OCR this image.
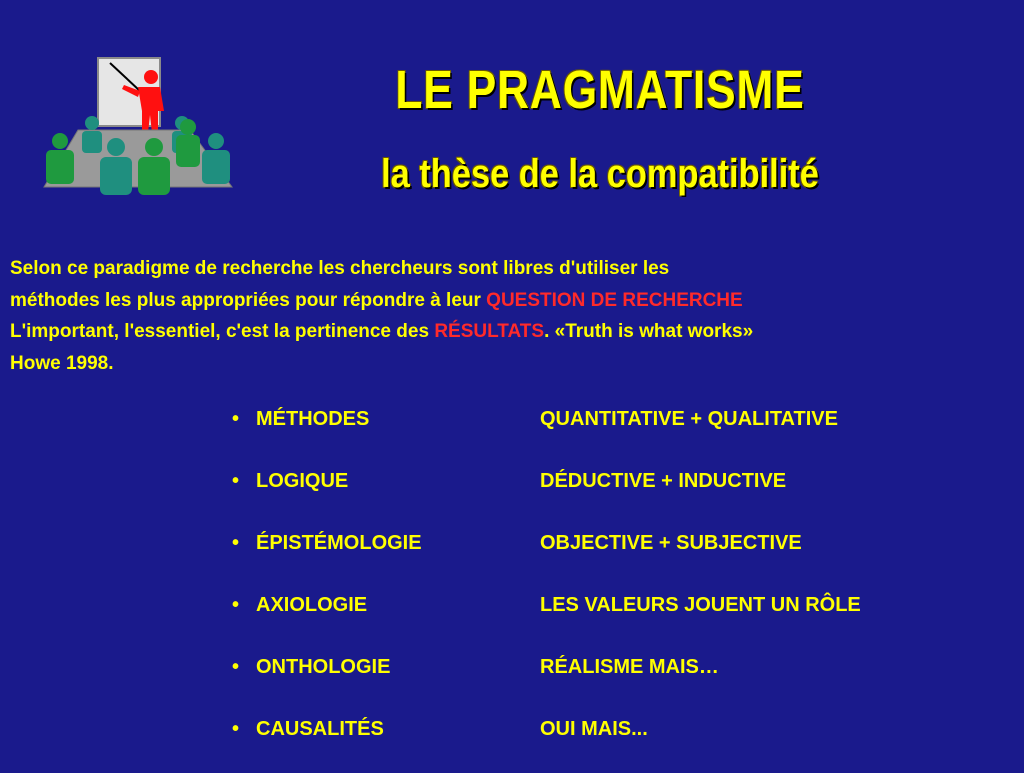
LE PRAGMATISME
la thèse de la compatibilité
Selon ce paradigme de recherche les chercheurs sont libres d'utiliser les
méthodes les plus appropriées pour répondre à leur QUESTION DE RECHERCHE
L'important, l'essentiel, c'est la pertinence des RÉSULTATS. «Truth is what works»
Howe 1998.
• MÉTHODES	QUANTITATIVE + QUALITATIVE
• LOGIQUE	DÉDUCTIVE + INDUCTIVE
• ÉPISTÉMOLOGIE	OBJECTIVE + SUBJECTIVE
• AXIOLOGIE	LES VALEURS JOUENT UN RÔLE
• ONTHOLOGIE	RÉALISME MAIS…
• CAUSALITÉS	OUI MAIS...
